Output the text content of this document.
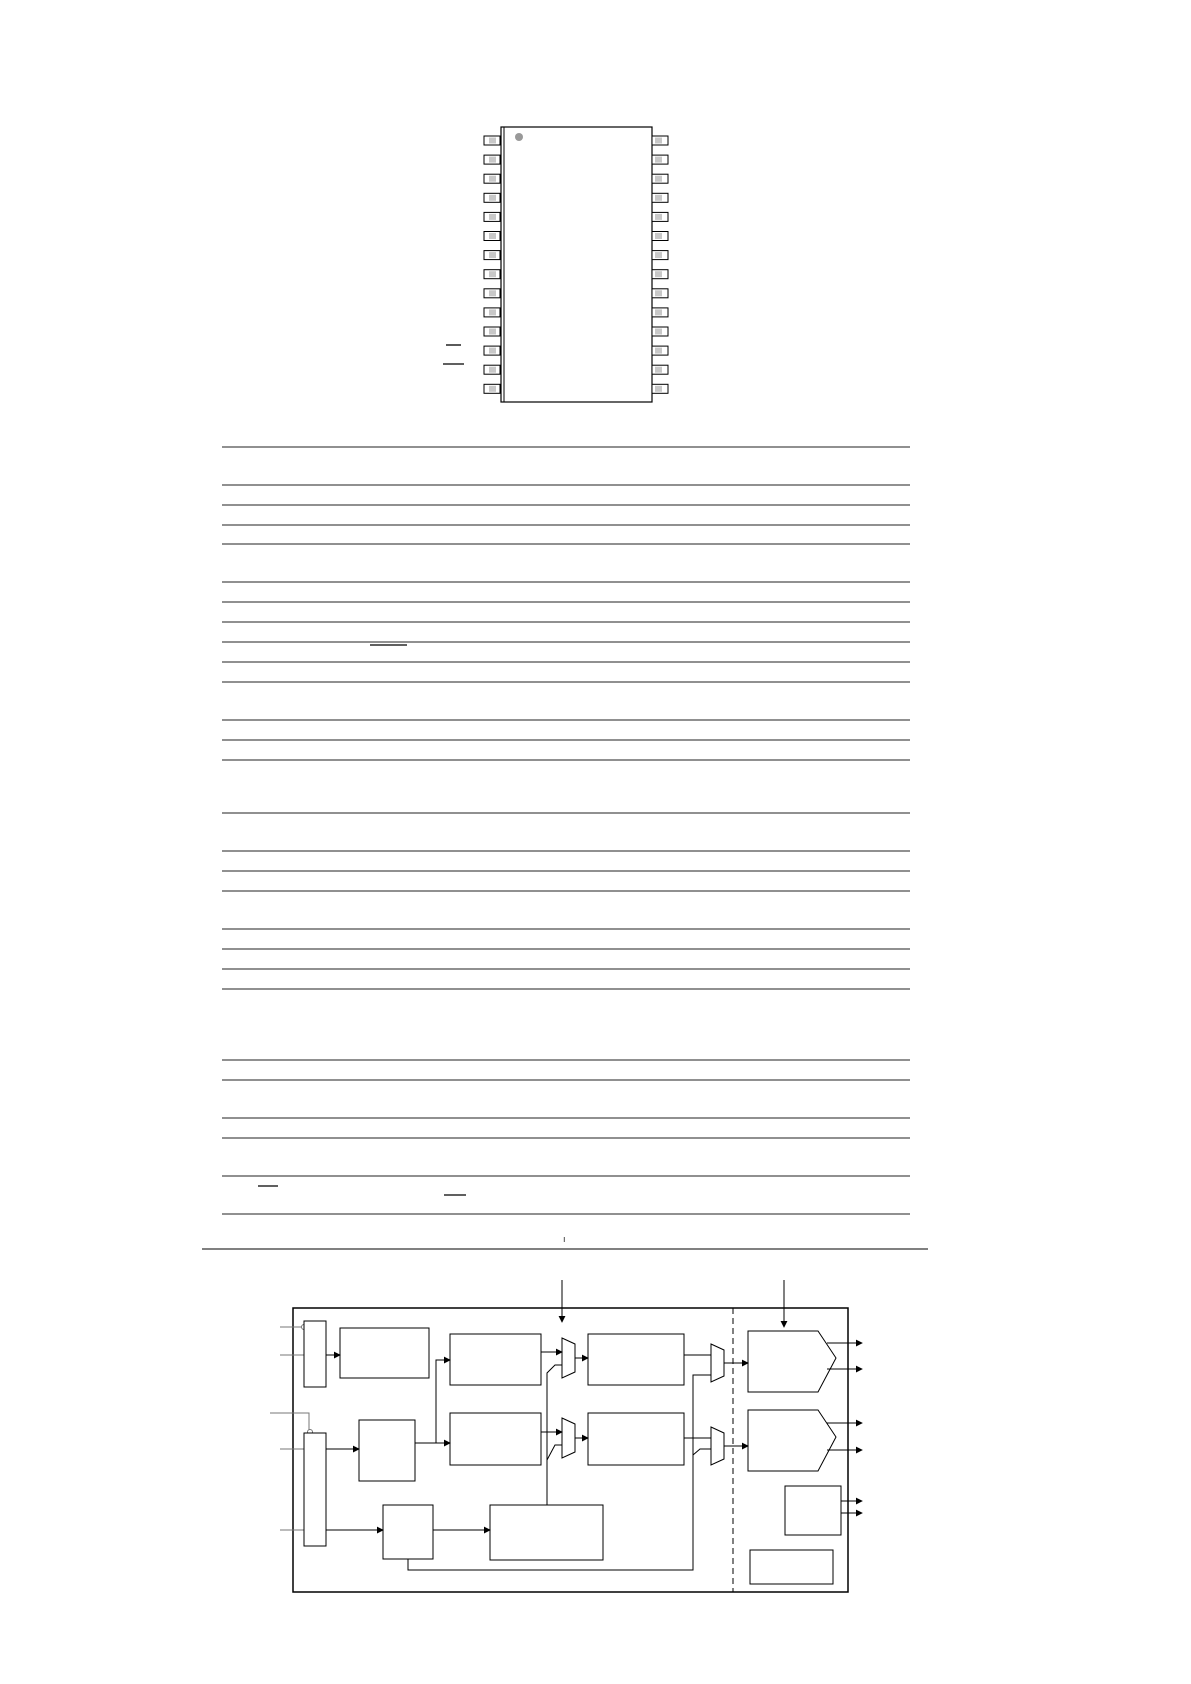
ı
